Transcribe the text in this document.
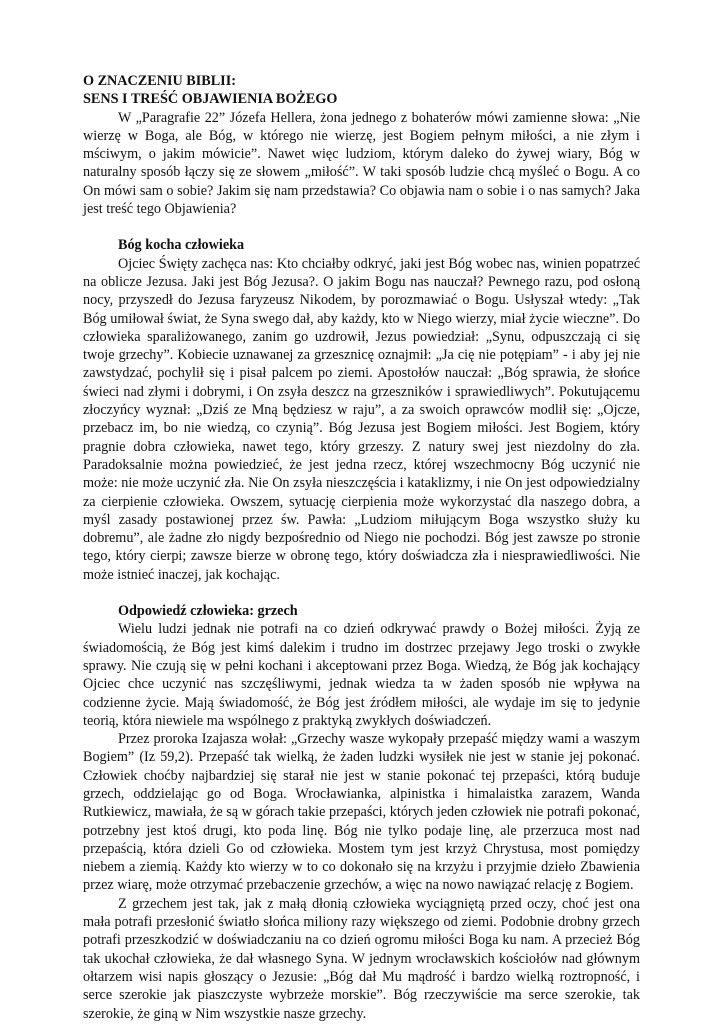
O ZNACZENIU BIBLII:
SENS I TREŚĆ OBJAWIENIA BOŻEGO

W „Paragrafie 22” Józefa Hellera, żona jednego z bohaterów mówi zamienne słowa: „Nie wierzę w Boga, ale Bóg, w którego nie wierzę, jest Bogiem pełnym miłości, a nie złym i mściwym, o jakim mówicie”. Nawet więc ludziom, którym daleko do żywej wiary, Bóg w naturalny sposób łączy się ze słowem „miłość”. W taki sposób ludzie chcą myśleć o Bogu. A co On mówi sam o sobie? Jakim się nam przedstawia? Co objawia nam o sobie i o nas samych? Jaka jest treść tego Objawienia?

Bóg kocha człowieka

Ojciec Święty zachęca nas: Kto chciałby odkryć, jaki jest Bóg wobec nas, winien popatrzeć na oblicze Jezusa. Jaki jest Bóg Jezusa?. O jakim Bogu nas nauczał? Pewnego razu, pod osłoną nocy, przyszedł do Jezusa faryzeusz Nikodem, by porozmawiać o Bogu. Usłyszał wtedy: „Tak Bóg umiłował świat, że Syna swego dał, aby każdy, kto w Niego wierzy, miał życie wieczne”. Do człowieka sparaliżowanego, zanim go uzdrowił, Jezus powiedział: „Synu, odpuszczają ci się twoje grzechy”. Kobiecie uznawanej za grzesznicę oznajmił: „Ja cię nie potępiam” - i aby jej nie zawstydzać, pochylił się i pisał palcem po ziemi. Apostołów nauczał: „Bóg sprawia, że słońce świeci nad złymi i dobrymi, i On zsyła deszcz na grzeszników i sprawiedliwych”. Pokutującemu złoczyńcy wyznał: „Dziś ze Mną będziesz w raju”, a za swoich oprawców modlił się: „Ojcze, przebacz im, bo nie wiedzą, co czynią”. Bóg Jezusa jest Bogiem miłości. Jest Bogiem, który pragnie dobra człowieka, nawet tego, który grzeszy. Z natury swej jest niezdolny do zła. Paradoksalnie można powiedzieć, że jest jedna rzecz, której wszechmocny Bóg uczynić nie może: nie może uczynić zła. Nie On zsyła nieszczęścia i kataklizmy, i nie On jest odpowiedzialny za cierpienie człowieka. Owszem, sytuację cierpienia może wykorzystać dla naszego dobra, a myśl zasady postawionej przez św. Pawła: „Ludziom miłującym Boga wszystko służy ku dobremu”, ale żadne zło nigdy bezpośrednio od Niego nie pochodzi. Bóg jest zawsze po stronie tego, który cierpi; zawsze bierze w obronę tego, który doświadcza zła i niesprawiedliwości. Nie może istnieć inaczej, jak kochając.

Odpowiedź człowieka: grzech

Wielu ludzi jednak nie potrafi na co dzień odkrywać prawdy o Bożej miłości. Żyją ze świadomością, że Bóg jest kimś dalekim i trudno im dostrzec przejawy Jego troski o zwykłe sprawy. Nie czują się w pełni kochani i akceptowani przez Boga. Wiedzą, że Bóg jak kochający Ojciec chce uczynić nas szczęśliwymi, jednak wiedza ta w żaden sposób nie wpływa na codzienne życie. Mają świadomość, że Bóg jest źródłem miłości, ale wydaje im się to jedynie teorią, która niewiele ma wspólnego z praktyką zwykłych doświadczeń.

Przez proroka Izajasza wołał: „Grzechy wasze wykopały przepaść między wami a waszym Bogiem” (Iz 59,2). Przepaść tak wielką, że żaden ludzki wysiłek nie jest w stanie jej pokonać. Człowiek choćby najbardziej się starał nie jest w stanie pokonać tej przepaści, którą buduje grzech, oddzielając go od Boga. Wrocławianka, alpinistka i himalaistka zarazem, Wanda Rutkiewicz, mawiała, że są w górach takie przepaści, których jeden człowiek nie potrafi pokonać, potrzebny jest ktoś drugi, kto poda linę. Bóg nie tylko podaje linę, ale przerzuca most nad przepaścią, która dzieli Go od człowieka. Mostem tym jest krzyż Chrystusa, most pomiędzy niebem a ziemią. Każdy kto wierzy w to co dokonało się na krzyżu i przyjmie dzieło Zbawienia przez wiarę, może otrzymać przebaczenie grzechów, a więc na nowo nawiązać relację z Bogiem.

Z grzechem jest tak, jak z małą dłonią człowieka wyciągniętą przed oczy, choć jest ona mała potrafi przesłonić światło słońca miliony razy większego od ziemi. Podobnie drobny grzech potrafi przeszkodzić w doświadczaniu na co dzień ogromu miłości Boga ku nam. A przecież Bóg tak ukochał człowieka, że dał własnego Syna. W jednym wrocławskich kościołów nad głównym ołtarzem wisi napis głoszący o Jezusie: „Bóg dał Mu mądrość i bardzo wielką roztropność, i serce szerokie jak piaszczyste wybrzeże morskie”. Bóg rzeczywiście ma serce szerokie, tak szerokie, że giną w Nim wszystkie nasze grzechy.
